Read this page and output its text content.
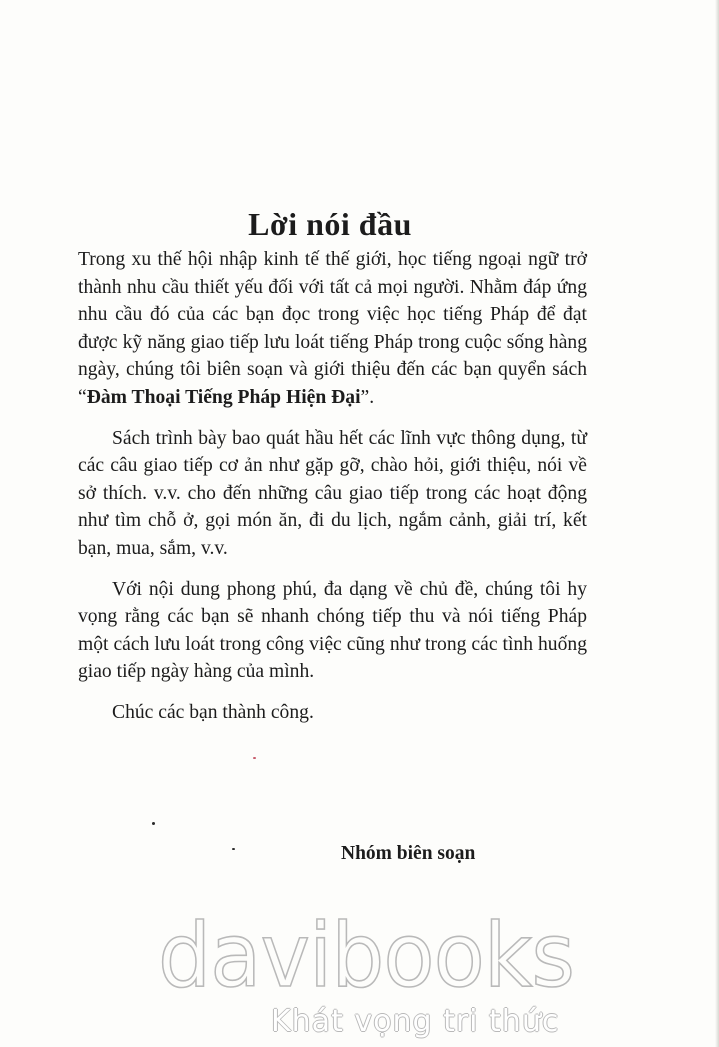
Lời nói đầu

Trong xu thế hội nhập kinh tế thế giới, học tiếng ngoại ngữ trở thành nhu cầu thiết yếu đối với tất cả mọi người. Nhằm đáp ứng nhu cầu đó của các bạn đọc trong việc học tiếng Pháp để đạt được kỹ năng giao tiếp lưu loát tiếng Pháp trong cuộc sống hàng ngày, chúng tôi biên soạn và giới thiệu đến các bạn quyển sách “Đàm Thoại Tiếng Pháp Hiện Đại”.

Sách trình bày bao quát hầu hết các lĩnh vực thông dụng, từ các câu giao tiếp cơ ản như gặp gỡ, chào hỏi, giới thiệu, nói về sở thích. v.v. cho đến những câu giao tiếp trong các hoạt động như tìm chỗ ở, gọi món ăn, đi du lịch, ngắm cảnh, giải trí, kết bạn, mua, sắm, v.v.

Với nội dung phong phú, đa dạng về chủ đề, chúng tôi hy vọng rằng các bạn sẽ nhanh chóng tiếp thu và nói tiếng Pháp một cách lưu loát trong công việc cũng như trong các tình huống giao tiếp ngày hàng của mình.

Chúc các bạn thành công.

Nhóm biên soạn
davibooks
Khát vọng tri thức
